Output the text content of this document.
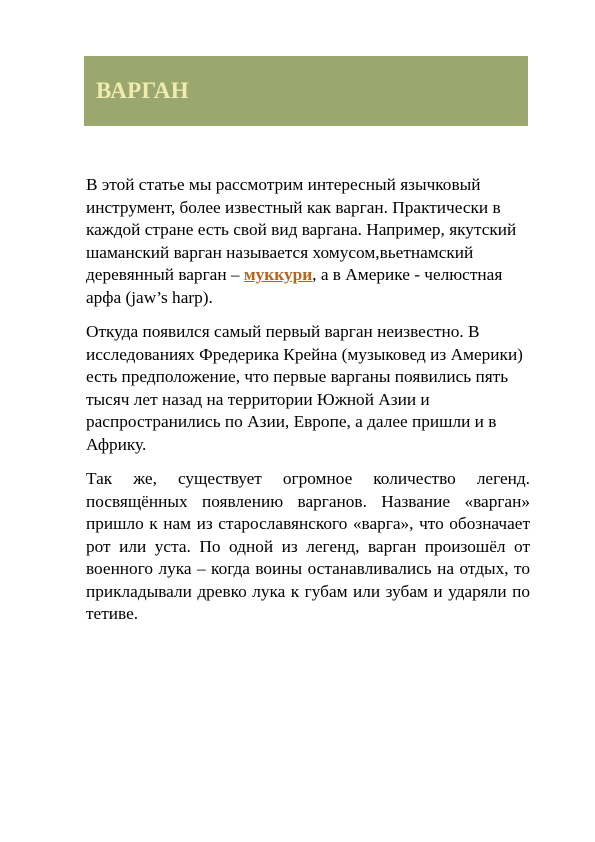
ВАРГАН

В этой статье мы рассмотрим интересный язычковый инструмент, более известный как варган. Практически в каждой стране есть свой вид варгана. Например, якутский шаманский варган называется хомусом,вьетнамский деревянный варган – муккури, а в Америке - челюстная арфа (jaw’s harp).

Откуда появился самый первый варган неизвестно. В исследованиях Фредерика Крейна (музыковед из Америки) есть предположение, что первые варганы появились пять тысяч лет назад на территории Южной Азии и распространились по Азии, Европе, а далее пришли и в Африку.

Так же, существует огромное количество легенд. посвящённых появлению варганов. Название «варган» пришло к нам из старославянского «варга», что обозначает рот или уста. По одной из легенд, варган произошёл от военного лука – когда воины останавливались на отдых, то прикладывали древко лука к губам или зубам и ударяли по тетиве.
